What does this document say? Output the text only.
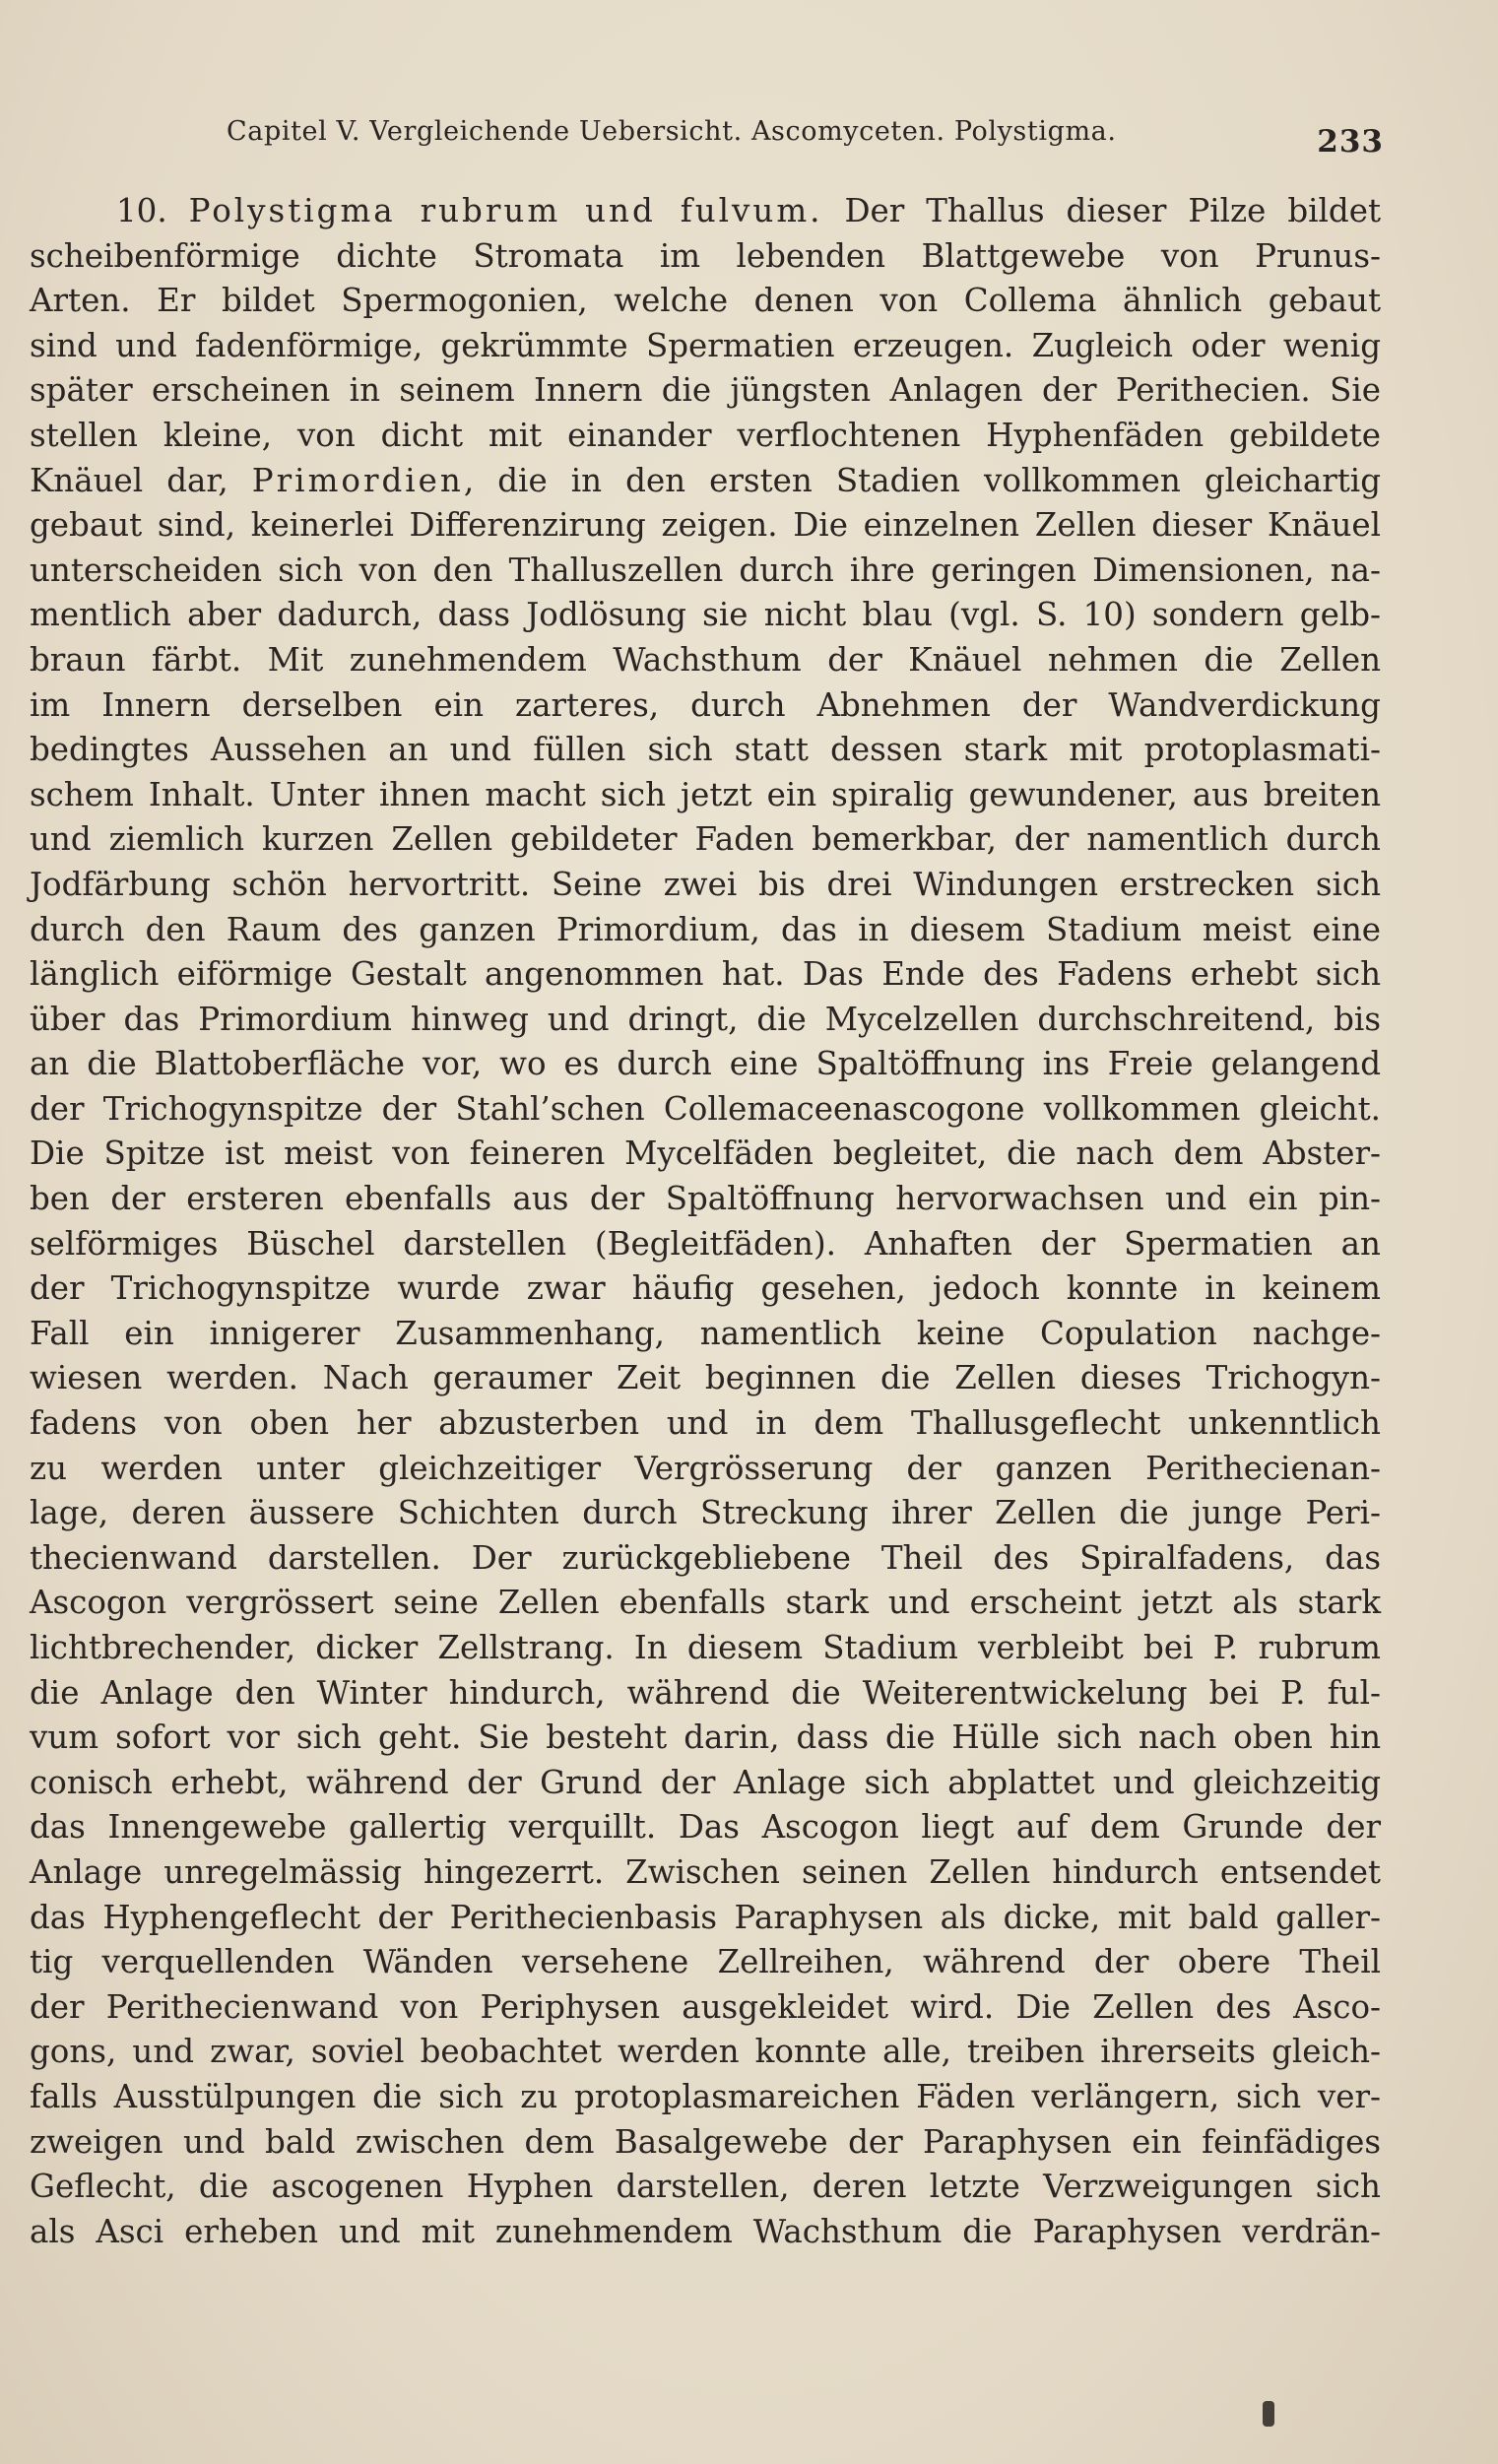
Capitel V. Vergleichende Uebersicht. Ascomyceten. Polystigma.	233
10. Polystigma rubrum und fulvum. Der Thallus dieser Pilze bildet
scheibenförmige dichte Stromata im lebenden Blattgewebe von Prunus-
Arten. Er bildet Spermogonien, welche denen von Collema ähnlich gebaut
sind und fadenförmige, gekrümmte Spermatien erzeugen. Zugleich oder wenig
später erscheinen in seinem Innern die jüngsten Anlagen der Perithecien. Sie
stellen kleine, von dicht mit einander verflochtenen Hyphenfäden gebildete
Knäuel dar, Primordien, die in den ersten Stadien vollkommen gleichartig
gebaut sind, keinerlei Differenzirung zeigen. Die einzelnen Zellen dieser Knäuel
unterscheiden sich von den Thalluszellen durch ihre geringen Dimensionen, na-
mentlich aber dadurch, dass Jodlösung sie nicht blau (vgl. S. 10) sondern gelb-
braun färbt. Mit zunehmendem Wachsthum der Knäuel nehmen die Zellen
im Innern derselben ein zarteres, durch Abnehmen der Wandverdickung
bedingtes Aussehen an und füllen sich statt dessen stark mit protoplasmati-
schem Inhalt. Unter ihnen macht sich jetzt ein spiralig gewundener, aus breiten
und ziemlich kurzen Zellen gebildeter Faden bemerkbar, der namentlich durch
Jodfärbung schön hervortritt. Seine zwei bis drei Windungen erstrecken sich
durch den Raum des ganzen Primordium, das in diesem Stadium meist eine
länglich eiförmige Gestalt angenommen hat. Das Ende des Fadens erhebt sich
über das Primordium hinweg und dringt, die Mycelzellen durchschreitend, bis
an die Blattoberfläche vor, wo es durch eine Spaltöffnung ins Freie gelangend
der Trichogynspitze der Stahl’schen Collemaceenascogone vollkommen gleicht.
Die Spitze ist meist von feineren Mycelfäden begleitet, die nach dem Abster-
ben der ersteren ebenfalls aus der Spaltöffnung hervorwachsen und ein pin-
selförmiges Büschel darstellen (Begleitfäden). Anhaften der Spermatien an
der Trichogynspitze wurde zwar häufig gesehen, jedoch konnte in keinem
Fall ein innigerer Zusammenhang, namentlich keine Copulation nachge-
wiesen werden. Nach geraumer Zeit beginnen die Zellen dieses Trichogyn-
fadens von oben her abzusterben und in dem Thallusgeflecht unkenntlich
zu werden unter gleichzeitiger Vergrösserung der ganzen Perithecienan-
lage, deren äussere Schichten durch Streckung ihrer Zellen die junge Peri-
thecienwand darstellen. Der zurückgebliebene Theil des Spiralfadens, das
Ascogon vergrössert seine Zellen ebenfalls stark und erscheint jetzt als stark
lichtbrechender, dicker Zellstrang. In diesem Stadium verbleibt bei P. rubrum
die Anlage den Winter hindurch, während die Weiterentwickelung bei P. ful-
vum sofort vor sich geht. Sie besteht darin, dass die Hülle sich nach oben hin
conisch erhebt, während der Grund der Anlage sich abplattet und gleichzeitig
das Innengewebe gallertig verquillt. Das Ascogon liegt auf dem Grunde der
Anlage unregelmässig hingezerrt. Zwischen seinen Zellen hindurch entsendet
das Hyphengeflecht der Perithecienbasis Paraphysen als dicke, mit bald galler-
tig verquellenden Wänden versehene Zellreihen, während der obere Theil
der Perithecienwand von Periphysen ausgekleidet wird. Die Zellen des Asco-
gons, und zwar, soviel beobachtet werden konnte alle, treiben ihrerseits gleich-
falls Ausstülpungen die sich zu protoplasmareichen Fäden verlängern, sich ver-
zweigen und bald zwischen dem Basalgewebe der Paraphysen ein feinfädiges
Geflecht, die ascogenen Hyphen darstellen, deren letzte Verzweigungen sich
als Asci erheben und mit zunehmendem Wachsthum die Paraphysen verdrän-
